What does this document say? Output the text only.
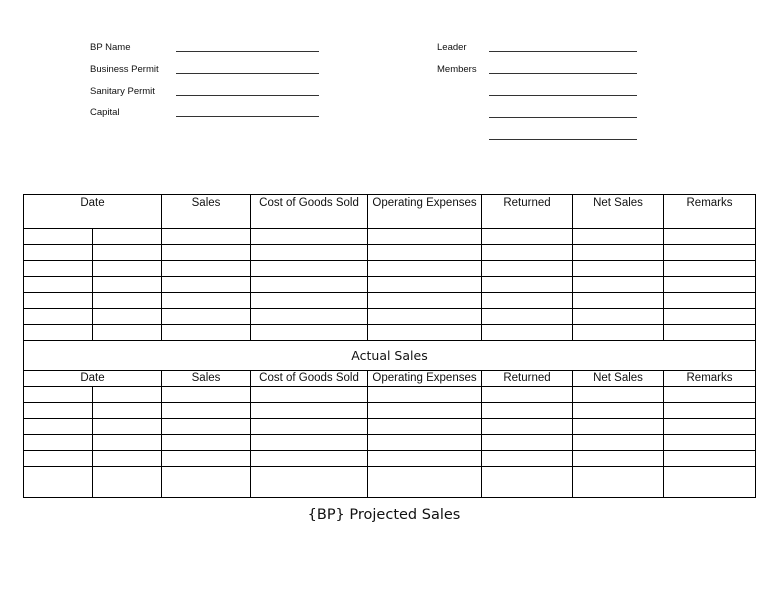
BP Name
Business Permit
Sanitary Permit
Capital
Leader
Members
Date		Sales	Cost of Goods Sold	Operating Expenses	Returned	Net Sales	Remarks

Actual Sales							
Date		Sales	Cost of Goods Sold	Operating Expenses	Returned	Net Sales	Remarks

{BP} Projected Sales
